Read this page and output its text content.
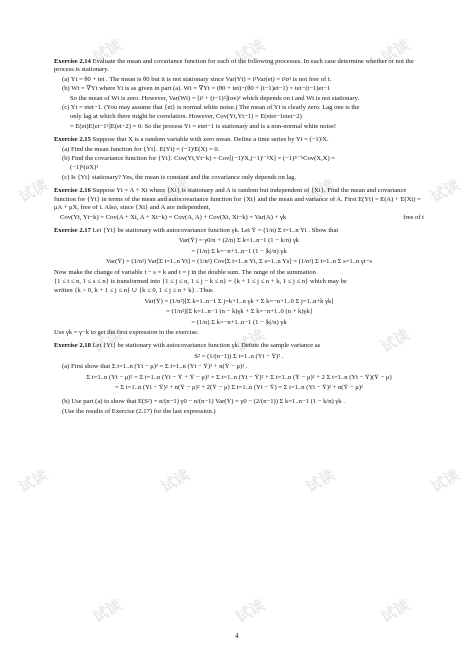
试读	试读	试读
试读	试读	试读	试读
试读	试读	试读
试读	试读	试读	试读
试读	试读	试读
Exercise 2.14 Evaluate the mean and covariance function for each of the following processes. In each case determine whether or not the process is stationary.
(a) Yt = θ0 + tet . The mean is θ0 but it is not stationary since Var(Yt) = t²Var(et) = t²σ² is not free of t.
(b) Wt = ∇Yt where Yt is as given in part (a). Wt = ∇Yt = (θ0 + tet)−(θ0 + (t−1)et−1) = tet−(t−1)et−1
So the mean of Wt is zero. However, Var(Wt) = [t² + (t−1)²](σe)² which depends on t and Wt is not stationary.
(c) Yt = etet−1. (You may assume that {et} is normal white noise.) The mean of Yt is clearly zero. Lag one is the
only lag at which there might be correlation. However, Cov(Yt,Yt−1) = E(etet−1etet−2)
= E(et)E[et−1²]E(et−2) = 0. So the process Yt = etet−1 is stationary and is a non-normal white noise!
Exercise 2.15 Suppose that X is a random variable with zero mean. Define a time series by Yt = (−1)ᵗX.
(a) Find the mean function for {Yt}. E(Yt) = (−1)ᵗE(X) = 0.
(b) Find the covariance function for {Yt}. Cov(Yt,Yt−k) = Cov[(−1)ᵗX,(−1)ᵗ⁻ᵏX] = (−1)²ᵗ⁻ᵏCov(X,X) =
(−1)ᵏ(σX)²
(c) Is {Yt} stationary? Yes, the mean is constant and the covariance only depends on lag.
Exercise 2.16 Suppose Yt = A + Xt where {Xt} is stationary and A is random but independent of {Xt}. Find the mean and covariance function for {Yt} in terms of the mean and autocovariance function for {Xt} and the mean and variance of A. First E(Yt) = E(A) + E(Xt) = μA + μX, free of t. Also, since {Xt} and A are independent,
Cov(Yt, Yt−k) = Cov(A + Xt, A + Xt−k) = Cov(A, A) + Cov(Xt, Xt−k) = Var(A) + γk	free of t
Exercise 2.17 Let {Yt} be stationary with autocovariance function γk. Let Ȳ = (1/n) Σ t=1..n Yt . Show that
Var(Ȳ) = γ0/n + (2/n) Σ k=1..n−1 (1 − k/n) γk
= (1/n) Σ k=−n+1..n−1 (1 − |k|/n) γk
Var(Ȳ) = (1/n²) Var[Σ t=1..n Yt] = (1/n²) Cov[Σ t=1..n Yt, Σ s=1..n Ys] = (1/n²) Σ t=1..n Σ s=1..n γt−s
Now make the change of variable t − s = k and t = j in the double sum. The range of the summation
{1 ≤ t ≤ n, 1 ≤ s ≤ n} is transformed into {1 ≤ j ≤ n, 1 ≤ j − k ≤ n} = {k + 1 ≤ j ≤ n + k, 1 ≤ j ≤ n} which may be
written {k > 0, k + 1 ≤ j ≤ n} ∪ {k ≤ 0, 1 ≤ j ≤ n + k} . Thus
Var(Ȳ) = (1/n²)[Σ k=1..n−1 Σ j=k+1..n γk + Σ k=−n+1..0 Σ j=1..n+k γk]
= (1/n²)[Σ k=1..n−1 (n − k)γk + Σ k=−n+1..0 (n + k)γk]
= (1/n) Σ k=−n+1..n−1 (1 − |k|/n) γk
Use γk = γ−k to get the first expression in the exercise.
Exercise 2.18 Let {Yt} be stationary with autocovariance function γk. Define the sample variance as
S² = (1/(n−1)) Σ t=1..n (Yt − Ȳ)² .
(a) First show that Σ t=1..n (Yt − μ)² = Σ t=1..n (Yt − Ȳ)² + n(Ȳ − μ)² .
Σ t=1..n (Yt − μ)² = Σ t=1..n (Yt − Ȳ + Ȳ − μ)² = Σ t=1..n (Yt − Ȳ)² + Σ t=1..n (Ȳ − μ)² + 2 Σ t=1..n (Yt − Ȳ)(Ȳ − μ)
= Σ t=1..n (Yt − Ȳ)² + n(Ȳ − μ)² + 2(Ȳ − μ) Σ t=1..n (Yt − Ȳ) = Σ t=1..n (Yt − Ȳ)² + n(Ȳ − μ)²
(b) Use part (a) to show that E(S²) = n/(n−1) γ0 − n/(n−1) Var(Ȳ) = γ0 − (2/(n−1)) Σ k=1..n−1 (1 − k/n) γk .
(Use the results of Exercise (2.17) for the last expression.)
4
